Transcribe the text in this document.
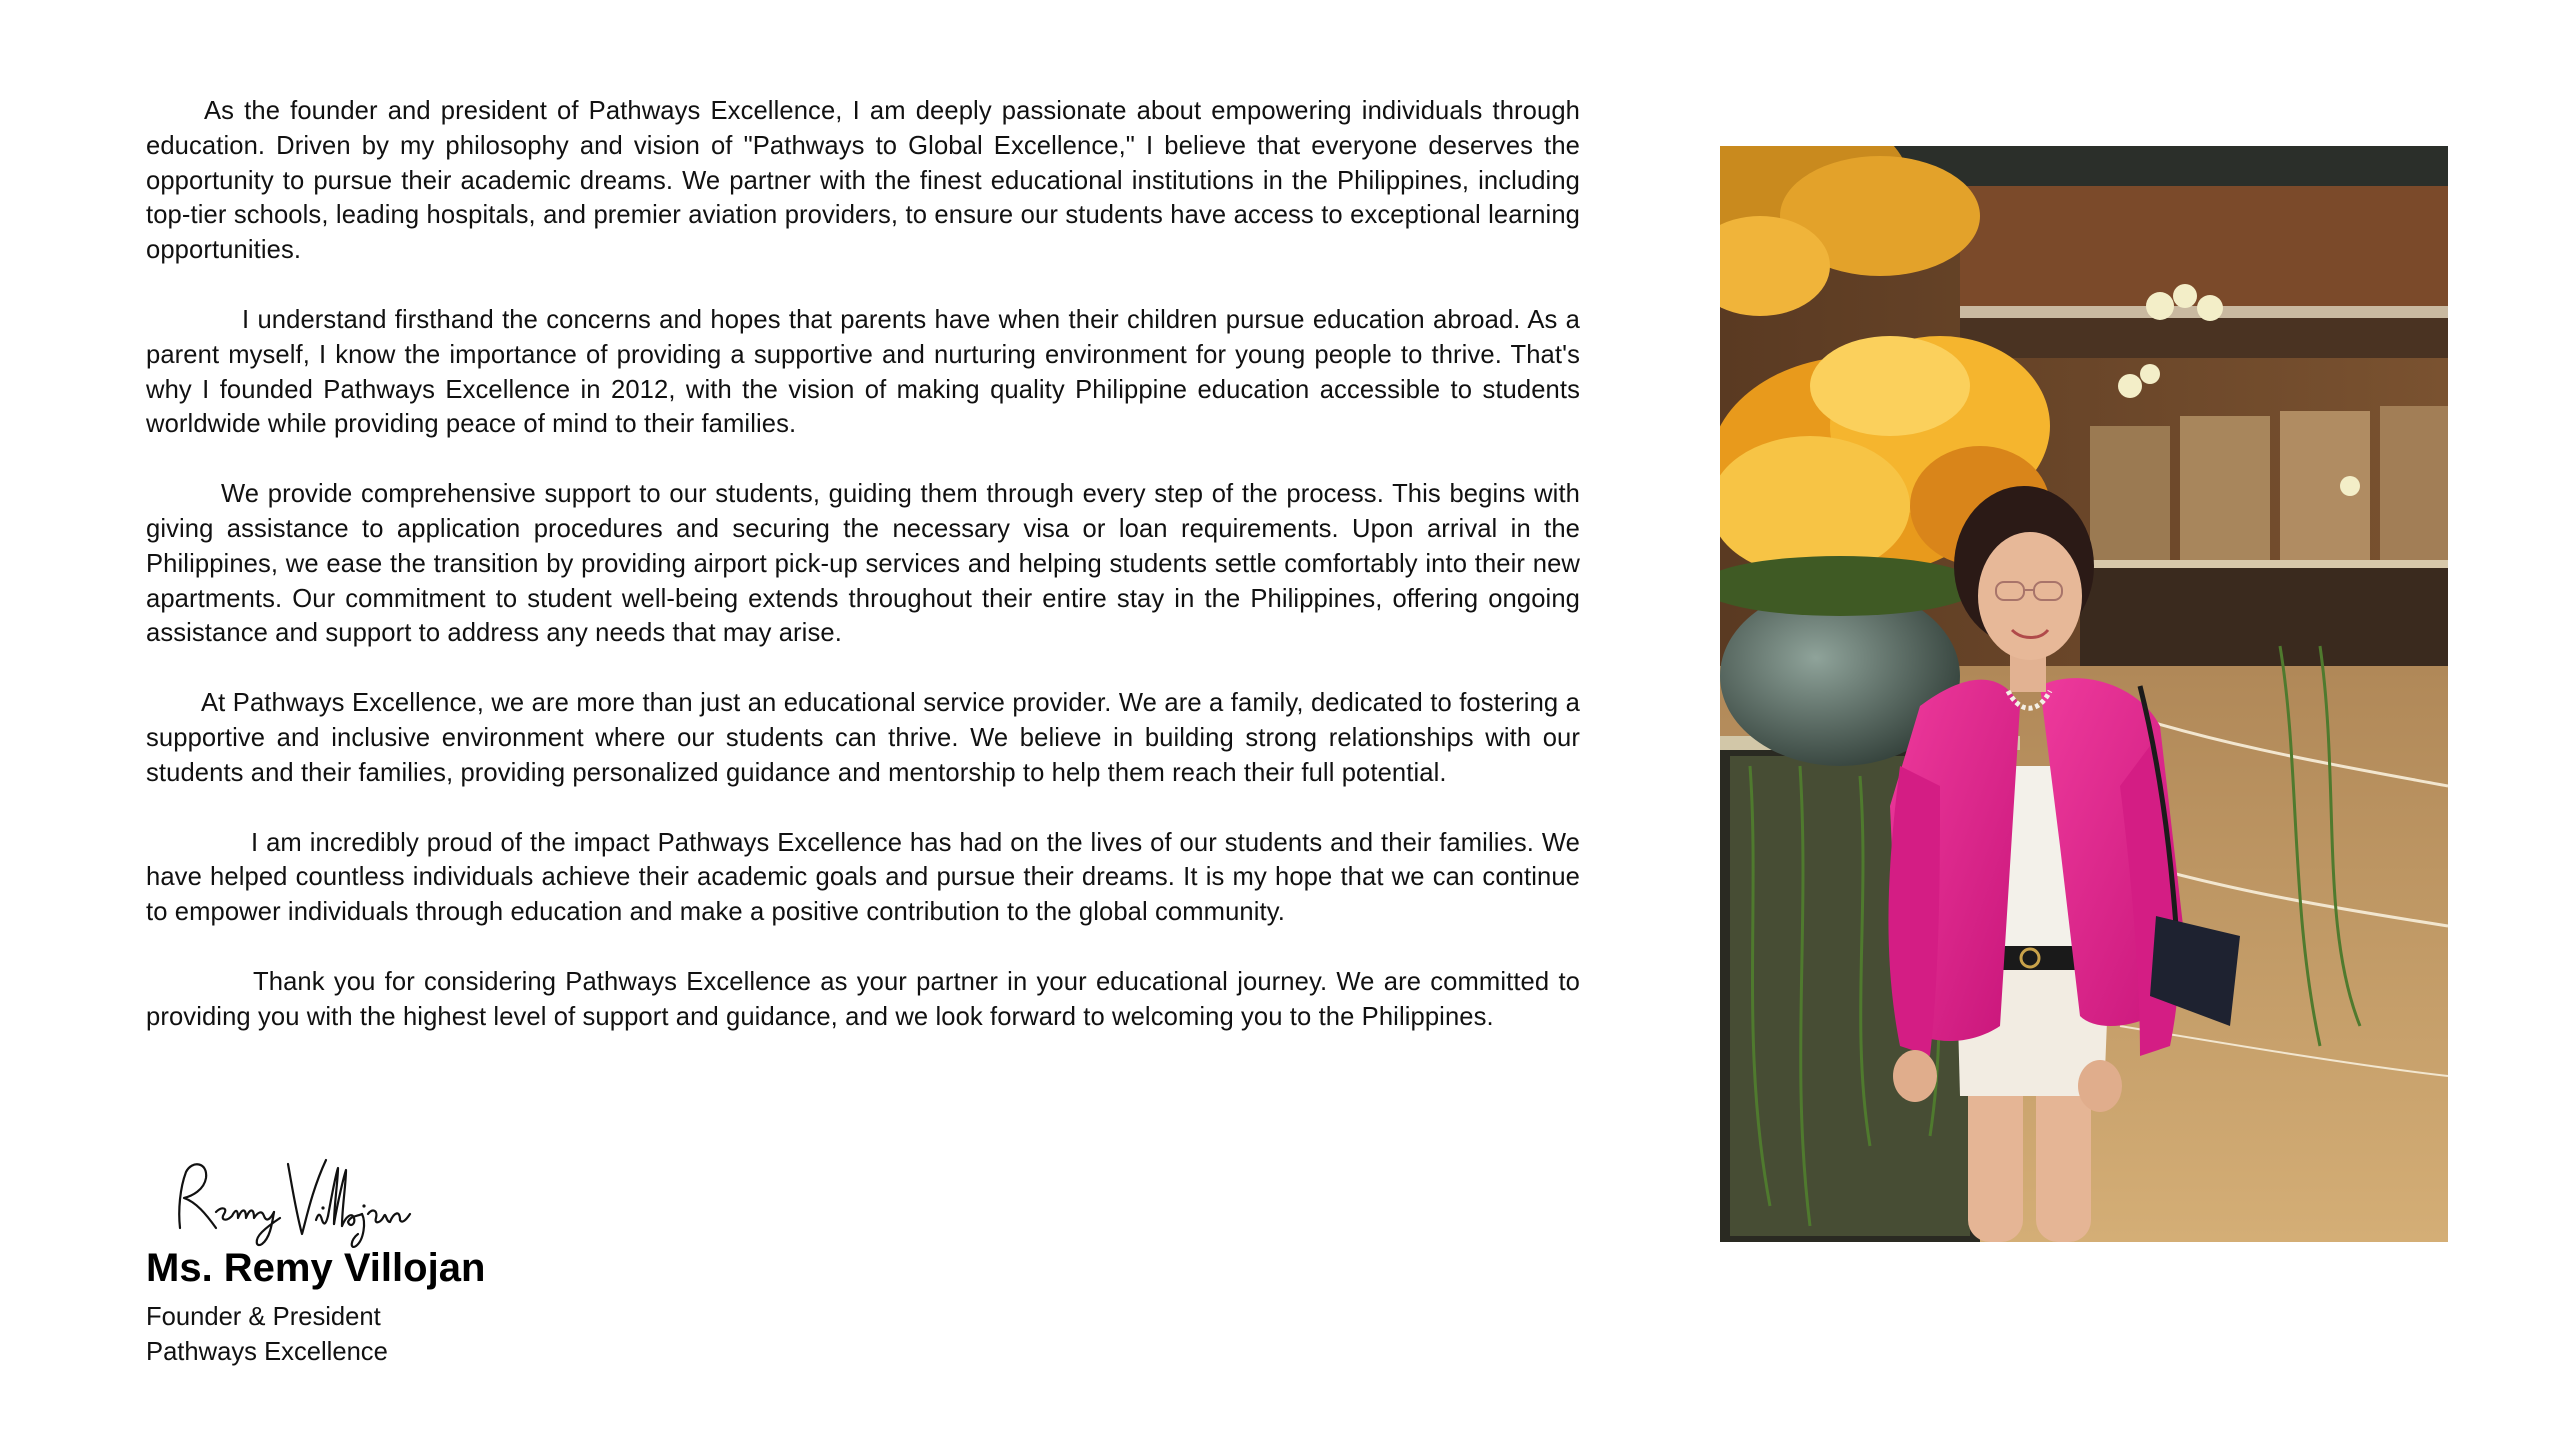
As the founder and president of Pathways Excellence, I am deeply passionate about empowering individuals through education. Driven by my philosophy and vision of "Pathways to Global Excellence," I believe that everyone deserves the opportunity to pursue their academic dreams. We partner with the finest educational institutions in the Philippines, including top-tier schools, leading hospitals, and premier aviation providers, to ensure our students have access to exceptional learning opportunities.

I understand firsthand the concerns and hopes that parents have when their children pursue education abroad. As a parent myself, I know the importance of providing a supportive and nurturing environment for young people to thrive. That's why I founded Pathways Excellence in 2012, with the vision of making quality Philippine education accessible to students worldwide while providing peace of mind to their families.

We provide comprehensive support to our students, guiding them through every step of the process. This begins with giving assistance to application procedures and securing the necessary visa or loan requirements. Upon arrival in the Philippines, we ease the transition by providing airport pick-up services and helping students settle comfortably into their new apartments. Our commitment to student well-being extends throughout their entire stay in the Philippines, offering ongoing assistance and support to address any needs that may arise.

At Pathways Excellence, we are more than just an educational service provider. We are a family, dedicated to fostering a supportive and inclusive environment where our students can thrive. We believe in building strong relationships with our students and their families, providing personalized guidance and mentorship to help them reach their full potential.

I am incredibly proud of the impact Pathways Excellence has had on the lives of our students and their families. We have helped countless individuals achieve their academic goals and pursue their dreams. It is my hope that we can continue to empower individuals through education and make a positive contribution to the global community.

Thank you for considering Pathways Excellence as your partner in your educational journey. We are committed to providing you with the highest level of support and guidance, and we look forward to welcoming you to the Philippines.

Ms. Remy Villojan

Founder & President

Pathways Excellence
